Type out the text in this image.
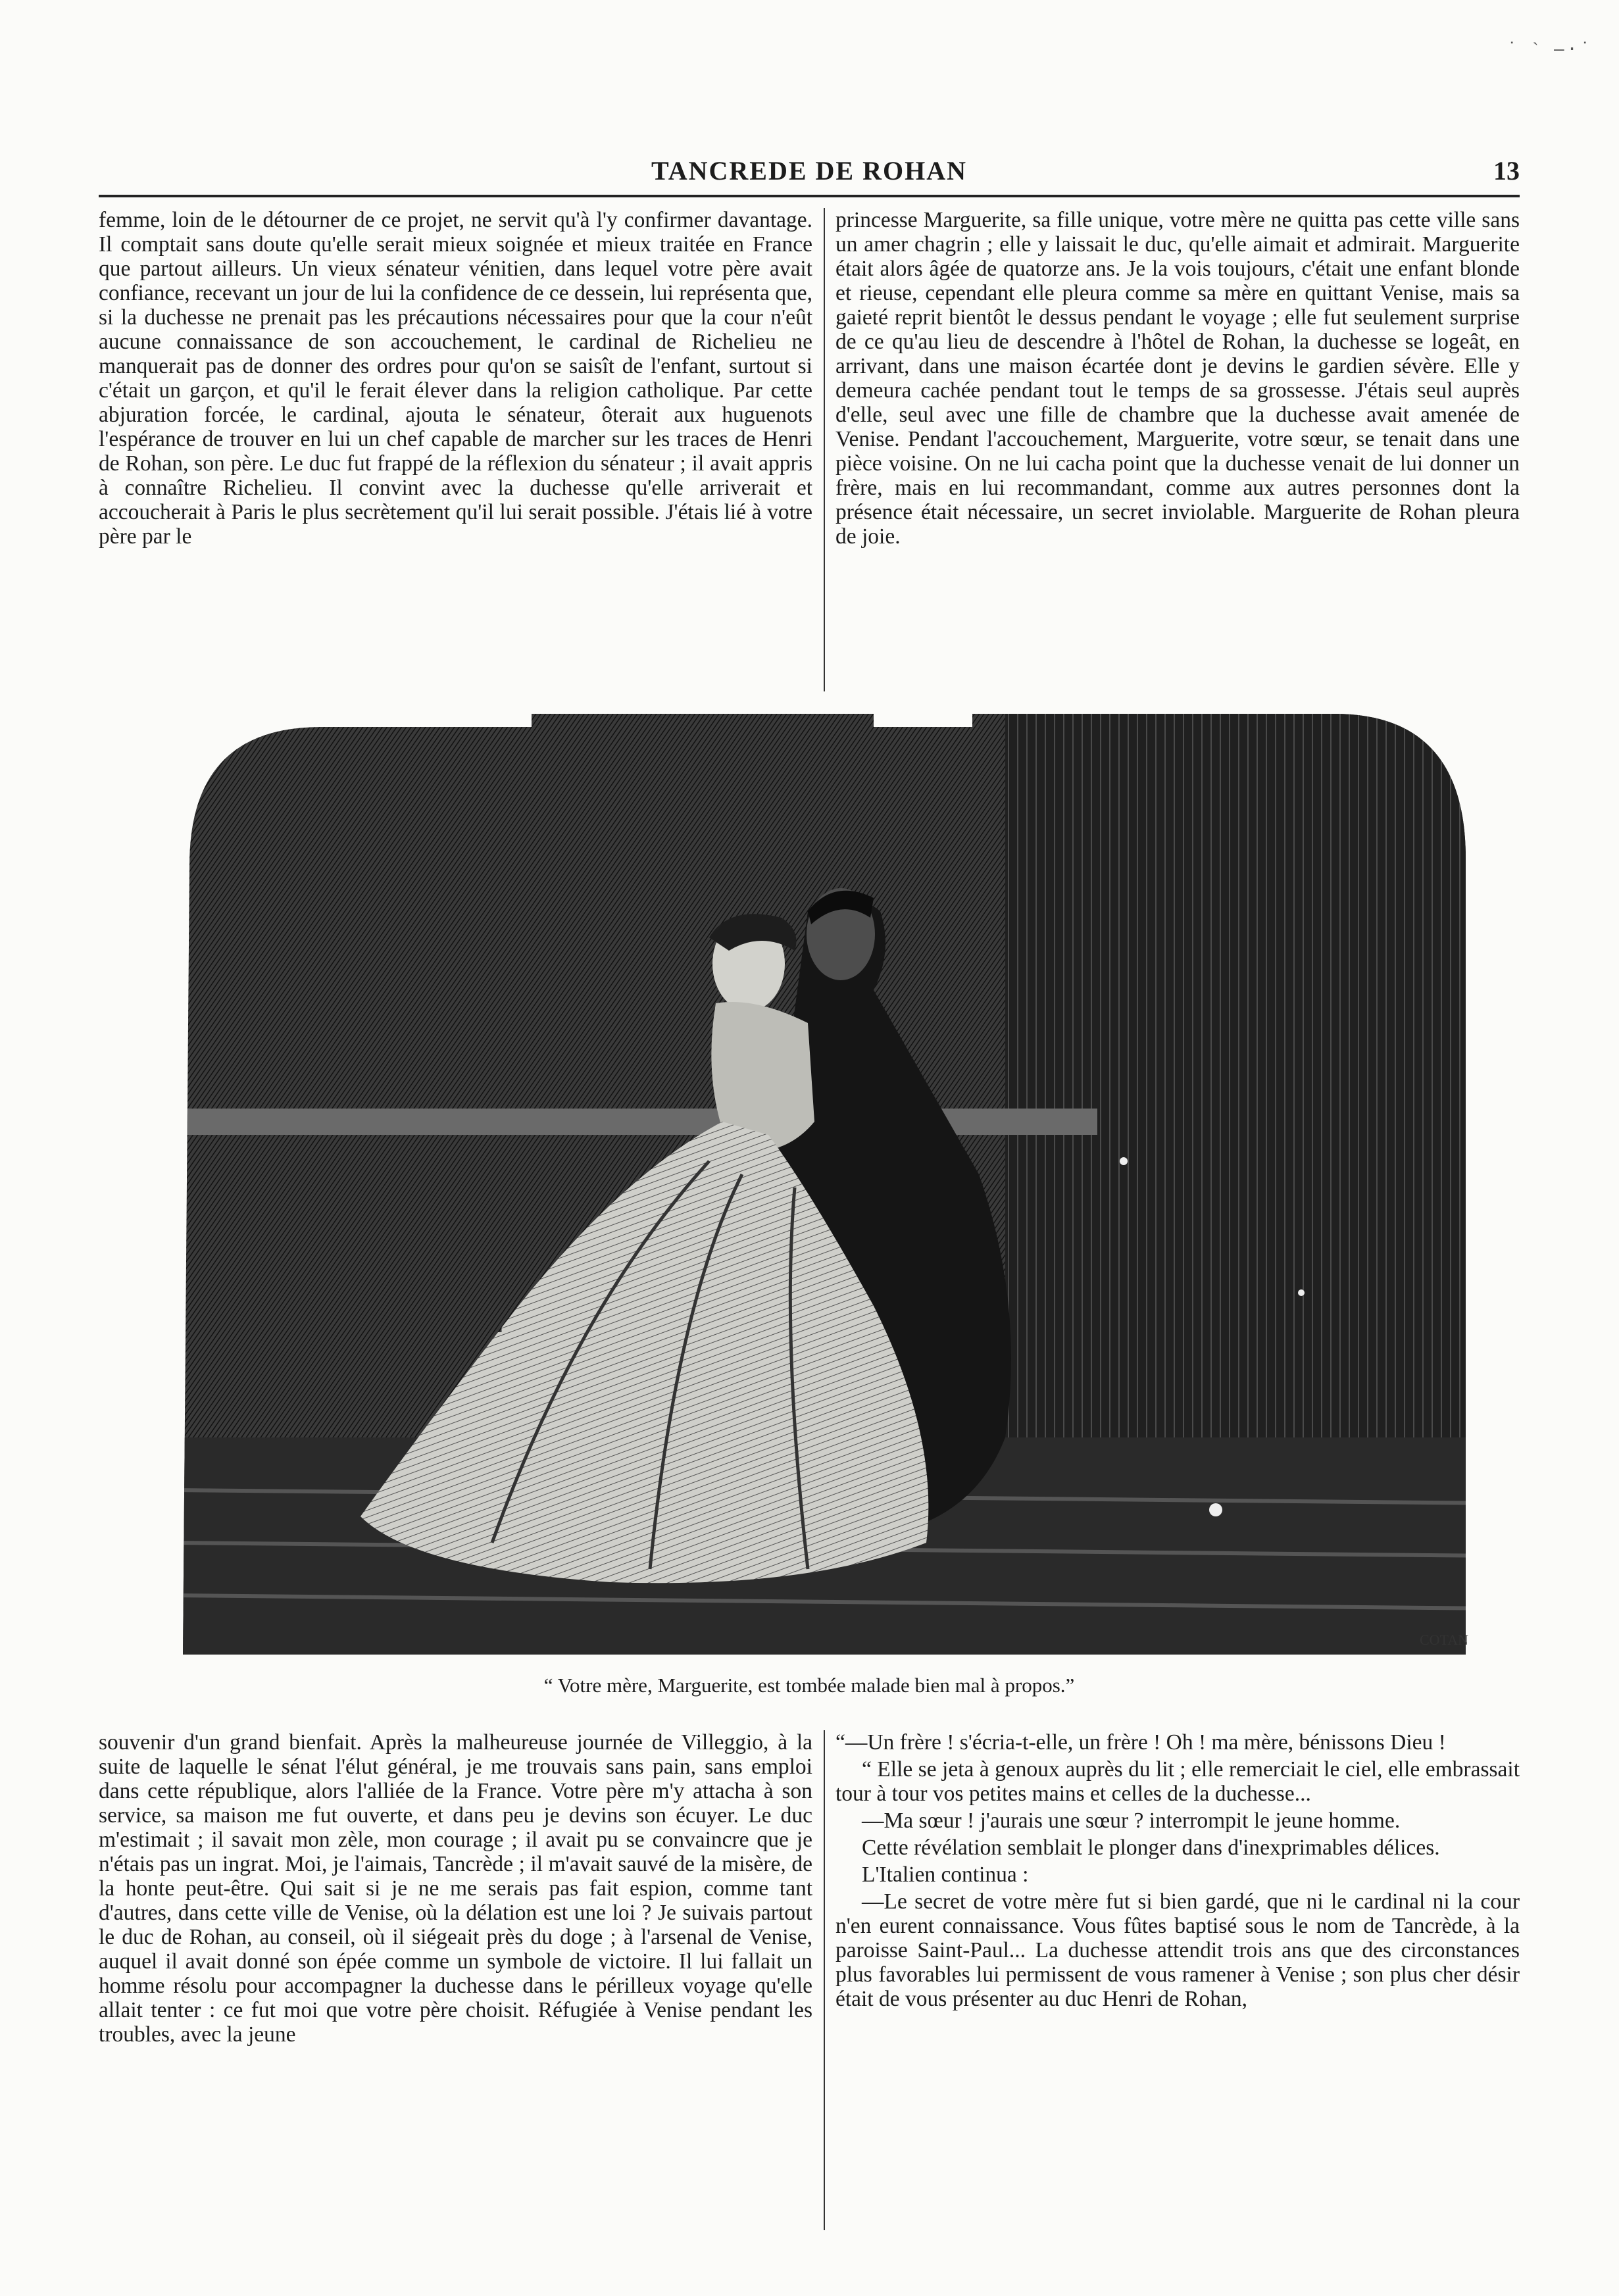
˙ ˋ –·˙
TANCREDE DE ROHAN	13

femme, loin de le détourner de ce projet, ne servit qu'à l'y confirmer davantage. Il comptait sans doute qu'elle serait mieux soignée et mieux traitée en France que partout ailleurs. Un vieux sénateur vénitien, dans lequel votre père avait confiance, recevant un jour de lui la confidence de ce dessein, lui représenta que, si la duchesse ne prenait pas les précautions nécessaires pour que la cour n'eût aucune connaissance de son accouchement, le cardinal de Richelieu ne manquerait pas de donner des ordres pour qu'on se saisît de l'enfant, surtout si c'était un garçon, et qu'il le ferait élever dans la religion catholique. Par cette abjuration forcée, le cardinal, ajouta le sénateur, ôterait aux huguenots l'espérance de trouver en lui un chef capable de marcher sur les traces de Henri de Rohan, son père. Le duc fut frappé de la réflexion du sénateur ; il avait appris à connaître Richelieu. Il convint avec la duchesse qu'elle arriverait et accoucherait à Paris le plus secrètement qu'il lui serait possible. J'étais lié à votre père par le

princesse Marguerite, sa fille unique, votre mère ne quitta pas cette ville sans un amer chagrin ; elle y laissait le duc, qu'elle aimait et admirait. Marguerite était alors âgée de quatorze ans. Je la vois toujours, c'était une enfant blonde et rieuse, cependant elle pleura comme sa mère en quittant Venise, mais sa gaieté reprit bientôt le dessus pendant le voyage ; elle fut seulement surprise de ce qu'au lieu de descendre à l'hôtel de Rohan, la duchesse se logeât, en arrivant, dans une maison écartée dont je devins le gardien sévère. Elle y demeura cachée pendant tout le temps de sa grossesse. J'étais seul auprès d'elle, seul avec une fille de chambre que la duchesse avait amenée de Venise. Pendant l'accouchement, Marguerite, votre sœur, se tenait dans une pièce voisine. On ne lui cacha point que la duchesse venait de lui donner un frère, mais en lui recommandant, comme aux autres personnes dont la présence était nécessaire, un secret inviolable. Marguerite de Rohan pleura de joie.

COTAN
“ Votre mère, Marguerite, est tombée malade bien mal à propos.”

souvenir d'un grand bienfait. Après la malheureuse journée de Villeggio, à la suite de laquelle le sénat l'élut général, je me trouvais sans pain, sans emploi dans cette république, alors l'alliée de la France. Votre père m'y attacha à son service, sa maison me fut ouverte, et dans peu je devins son écuyer. Le duc m'estimait ; il savait mon zèle, mon courage ; il avait pu se convaincre que je n'étais pas un ingrat. Moi, je l'aimais, Tancrède ; il m'avait sauvé de la misère, de la honte peut-être. Qui sait si je ne me serais pas fait espion, comme tant d'autres, dans cette ville de Venise, où la délation est une loi ? Je suivais partout le duc de Rohan, au conseil, où il siégeait près du doge ; à l'arsenal de Venise, auquel il avait donné son épée comme un symbole de victoire. Il lui fallait un homme résolu pour accompagner la duchesse dans le périlleux voyage qu'elle allait tenter : ce fut moi que votre père choisit. Réfugiée à Venise pendant les troubles, avec la jeune

“—Un frère ! s'écria-t-elle, un frère ! Oh ! ma mère, bénissons Dieu !

“ Elle se jeta à genoux auprès du lit ; elle remerciait le ciel, elle embrassait tour à tour vos petites mains et celles de la duchesse...

—Ma sœur ! j'aurais une sœur ? interrompit le jeune homme.

Cette révélation semblait le plonger dans d'inexprimables délices.

L'Italien continua :

—Le secret de votre mère fut si bien gardé, que ni le cardinal ni la cour n'en eurent connaissance. Vous fûtes baptisé sous le nom de Tancrède, à la paroisse Saint-Paul... La duchesse attendit trois ans que des circonstances plus favorables lui permissent de vous ramener à Venise ; son plus cher désir était de vous présenter au duc Henri de Rohan,
